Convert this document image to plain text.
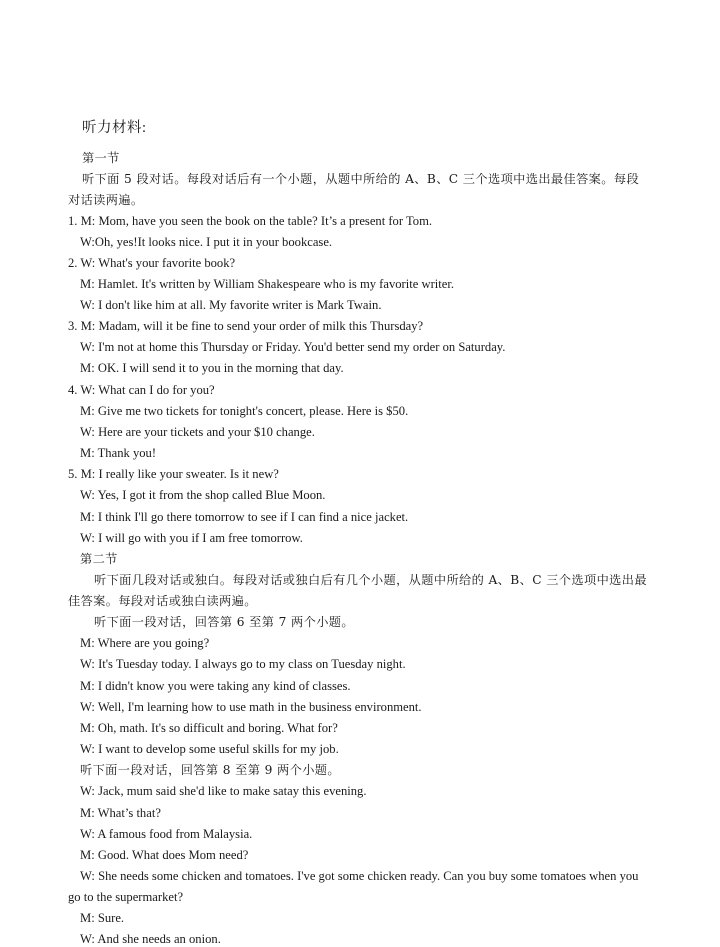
听力材料:
第一节
听下面 5 段对话。每段对话后有一个小题，从题中所给的 A、B、C 三个选项中选出最佳答案。每段
对话读两遍。
1. M: Mom, have you seen the book on the table? It’s a present for Tom.
W:Oh, yes!It looks nice. I put it in your bookcase.
2. W: What's your favorite book?
M: Hamlet. It's written by William Shakespeare who is my favorite writer.
W: I don't like him at all. My favorite writer is Mark Twain.
3. M: Madam, will it be fine to send your order of milk this Thursday?
W: I'm not at home this Thursday or Friday. You'd better send my order on Saturday.
M: OK. I will send it to you in the morning that day.
4. W: What can I do for you?
M: Give me two tickets for tonight's concert, please. Here is $50.
W: Here are your tickets and your $10 change.
M: Thank you!
5. M: I really like your sweater. Is it new?
W: Yes, I got it from the shop called Blue Moon.
M: I think I'll go there tomorrow to see if I can find a nice jacket.
W: I will go with you if I am free tomorrow.
第二节
听下面几段对话或独白。每段对话或独白后有几个小题，从题中所给的 A、B、C 三个选项中选出最
佳答案。每段对话或独白读两遍。
听下面一段对话，回答第 6 至第 7 两个小题。
M: Where are you going?
W: It's Tuesday today. I always go to my class on Tuesday night.
M: I didn't know you were taking any kind of classes.
W: Well, I'm learning how to use math in the business environment.
M: Oh, math. It's so difficult and boring. What for?
W: I want to develop some useful skills for my job.
听下面一段对话，回答第 8 至第 9 两个小题。
W: Jack, mum said she'd like to make satay this evening.
M: What’s that?
W: A famous food from Malaysia.
M: Good. What does Mom need?
W: She needs some chicken and tomatoes. I've got some chicken ready. Can you buy some tomatoes when you
go to the supermarket?
M: Sure.
W: And she needs an onion.
